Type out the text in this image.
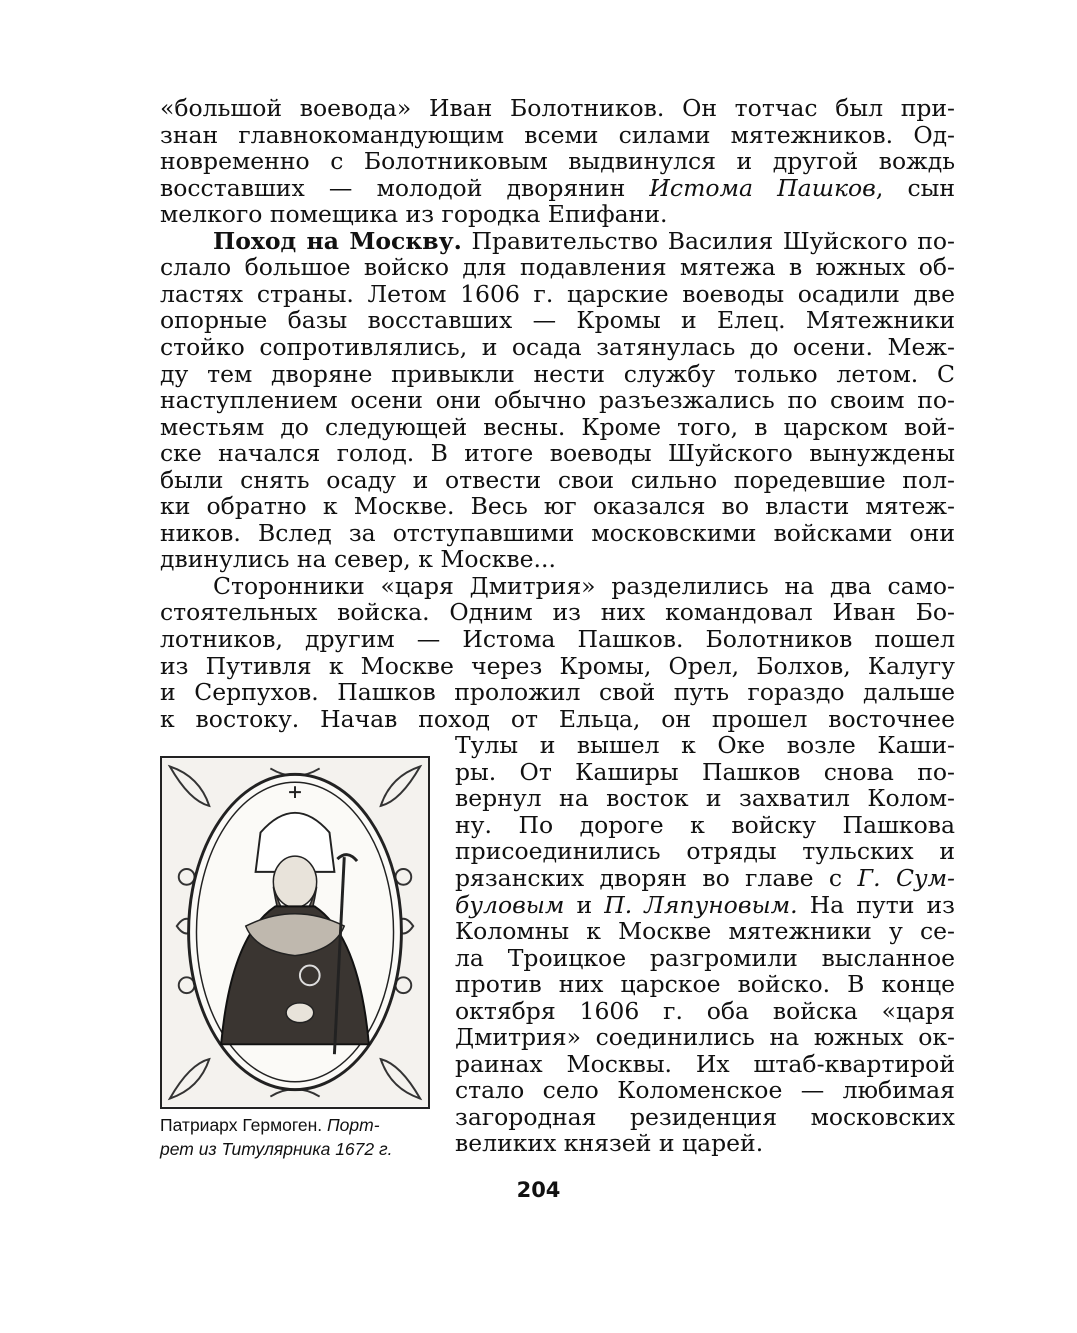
«большой воевода» Иван Болотников. Он тотчас был при-
знан главнокомандующим всеми силами мятежников. Од-
новременно с Болотниковым выдвинулся и другой вождь
восставших — молодой дворянин Истома Пашков, сын
мелкого помещика из городка Епифани.
Поход на Москву. Правительство Василия Шуйского по-
слало большое войско для подавления мятежа в южных об-
ластях страны. Летом 1606 г. царские воеводы осадили две
опорные базы восставших — Кромы и Елец. Мятежники
стойко сопротивлялись, и осада затянулась до осени. Меж-
ду тем дворяне привыкли нести службу только летом. С
наступлением осени они обычно разъезжались по своим по-
местьям до следующей весны. Кроме того, в царском вой-
ске начался голод. В итоге воеводы Шуйского вынуждены
были снять осаду и отвести свои сильно поредевшие пол-
ки обратно к Москве. Весь юг оказался во власти мятеж-
ников. Вслед за отступавшими московскими войсками они
двинулись на север, к Москве...
Сторонники «царя Дмитрия» разделились на два само-
стоятельных войска. Одним из них командовал Иван Бо-
лотников, другим — Истома Пашков. Болотников пошел
из Путивля к Москве через Кромы, Орел, Болхов, Калугу
и Серпухов. Пашков проложил свой путь гораздо дальше
к востоку. Начав поход от Ельца, он прошел восточнее
Тулы и вышел к Оке возле Каши-
ры. От Каширы Пашков снова по-
вернул на восток и захватил Колом-
ну. По дороге к войску Пашкова
присоединились отряды тульских и
рязанских дворян во главе с Г. Сум-
буловым и П. Ляпуновым. На пути из
Коломны к Москве мятежники у се-
ла Троицкое разгромили высланное
против них царское войско. В конце
октября 1606 г. оба войска «царя
Дмитрия» соединились на южных ок-
раинах Москвы. Их штаб-квартирой
стало село Коломенское — любимая
загородная резиденция московских
великих князей и царей.
Патриарх Гермоген. Порт-
рет из Титулярника 1672 г.
204
